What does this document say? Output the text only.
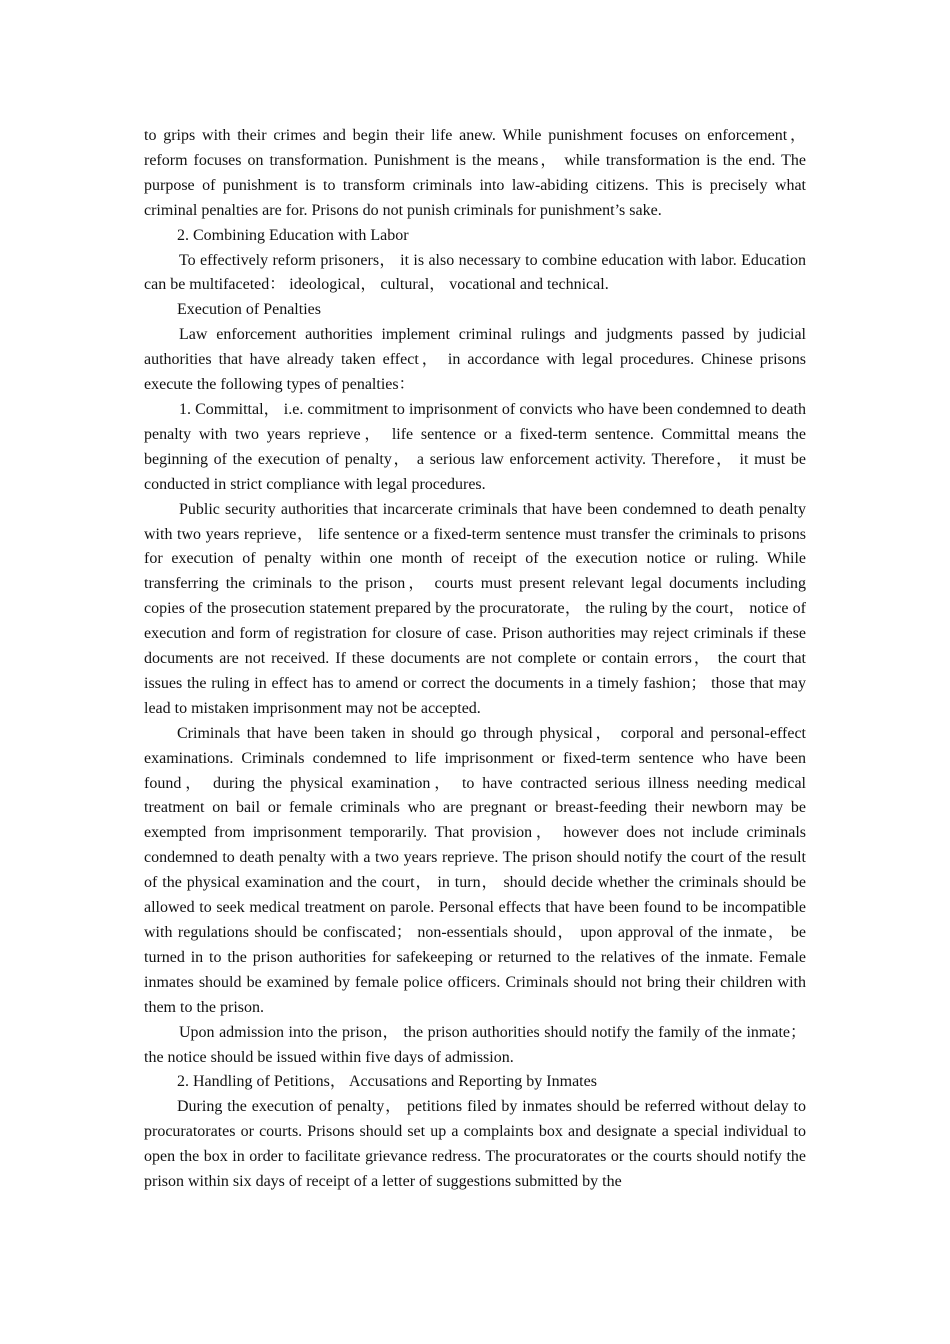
to grips with their crimes and begin their life anew. While punishment focuses on enforcement， reform focuses on transformation. Punishment is the means， while transformation is the end. The purpose of punishment is to transform criminals into law-abiding citizens. This is precisely what criminal penalties are for. Prisons do not punish criminals for punishment’s sake.

2. Combining Education with Labor

To effectively reform prisoners， it is also necessary to combine education with labor. Education can be multifaceted： ideological， cultural， vocational and technical.

Execution of Penalties

Law enforcement authorities implement criminal rulings and judgments passed by judicial authorities that have already taken effect， in accordance with legal procedures. Chinese prisons execute the following types of penalties：

1. Committal， i.e. commitment to imprisonment of convicts who have been condemned to death penalty with two years reprieve， life sentence or a fixed-term sentence. Committal means the beginning of the execution of penalty， a serious law enforcement activity. Therefore， it must be conducted in strict compliance with legal procedures.

Public security authorities that incarcerate criminals that have been condemned to death penalty with two years reprieve， life sentence or a fixed-term sentence must transfer the criminals to prisons for execution of penalty within one month of receipt of the execution notice or ruling. While transferring the criminals to the prison， courts must present relevant legal documents including copies of the prosecution statement prepared by the procuratorate， the ruling by the court， notice of execution and form of registration for closure of case. Prison authorities may reject criminals if these documents are not received. If these documents are not complete or contain errors， the court that issues the ruling in effect has to amend or correct the documents in a timely fashion； those that may lead to mistaken imprisonment may not be accepted.

Criminals that have been taken in should go through physical， corporal and personal-effect examinations. Criminals condemned to life imprisonment or fixed-term sentence who have been found， during the physical examination， to have contracted serious illness needing medical treatment on bail or female criminals who are pregnant or breast-feeding their newborn may be exempted from imprisonment temporarily. That provision， however does not include criminals condemned to death penalty with a two years reprieve. The prison should notify the court of the result of the physical examination and the court， in turn， should decide whether the criminals should be allowed to seek medical treatment on parole. Personal effects that have been found to be incompatible with regulations should be confiscated； non-essentials should， upon approval of the inmate， be turned in to the prison authorities for safekeeping or returned to the relatives of the inmate. Female inmates should be examined by female police officers. Criminals should not bring their children with them to the prison.

Upon admission into the prison， the prison authorities should notify the family of the inmate； the notice should be issued within five days of admission.

2. Handling of Petitions， Accusations and Reporting by Inmates

During the execution of penalty， petitions filed by inmates should be referred without delay to procuratorates or courts. Prisons should set up a complaints box and designate a special individual to open the box in order to facilitate grievance redress. The procuratorates or the courts should notify the prison within six days of receipt of a letter of suggestions submitted by the
